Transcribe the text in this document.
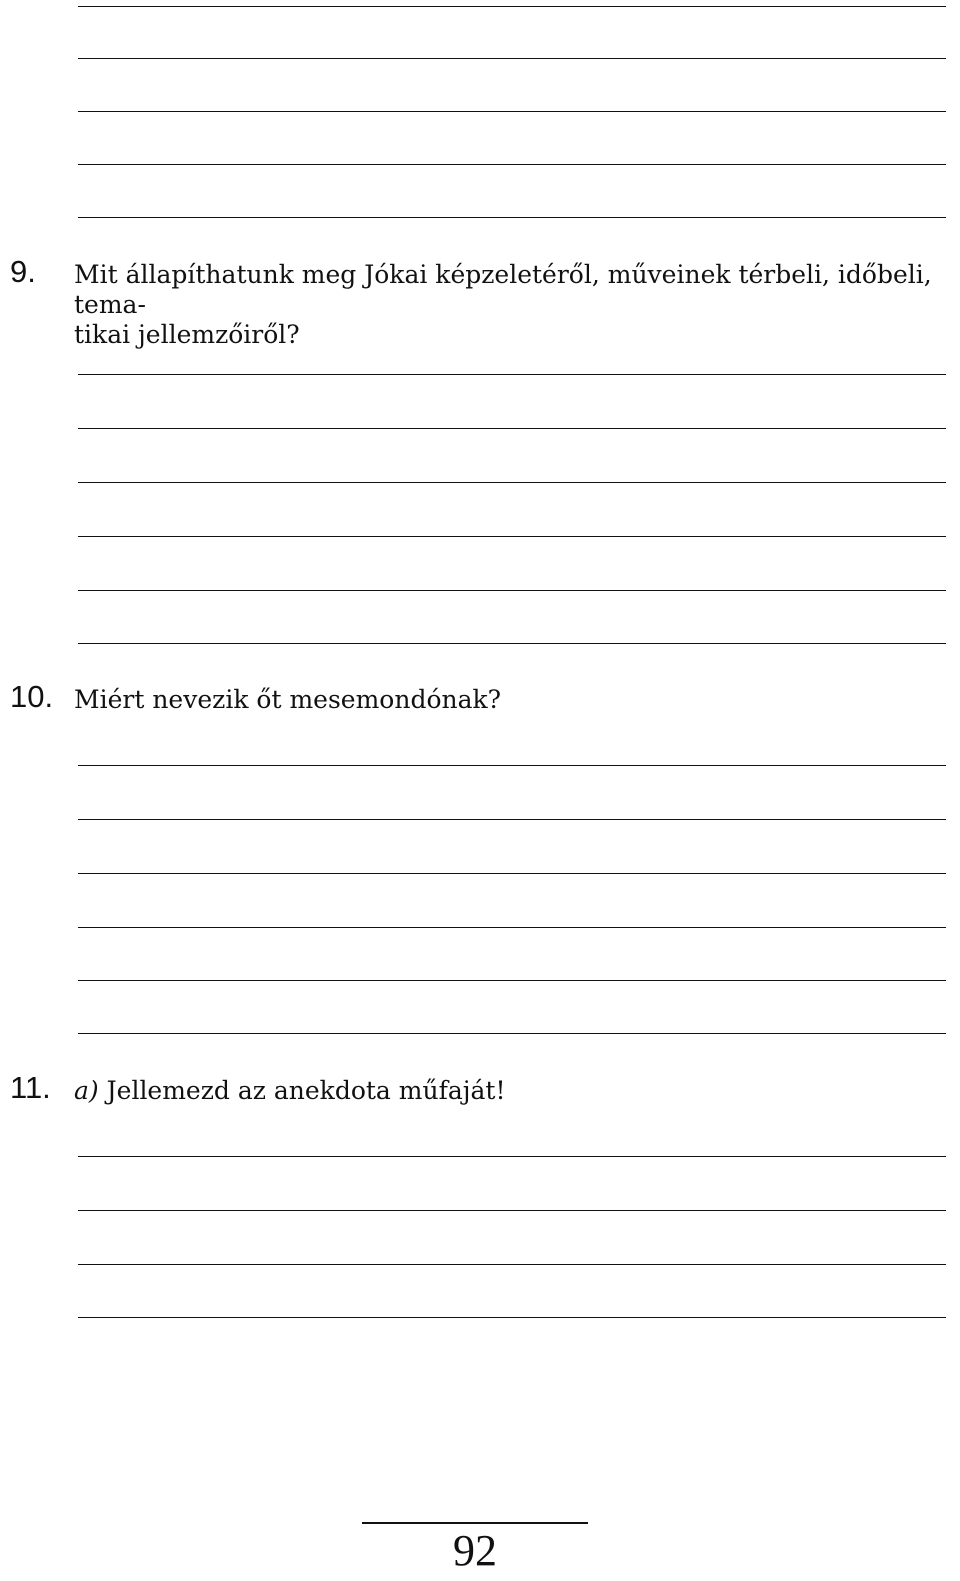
9. Mit állapíthatunk meg Jókai képzeletéről, műveinek térbeli, időbeli, tema-
tikai jellemzőiről?
10. Miért nevezik őt mesemondónak?
11. a) Jellemezd az anekdota műfaját!
92
